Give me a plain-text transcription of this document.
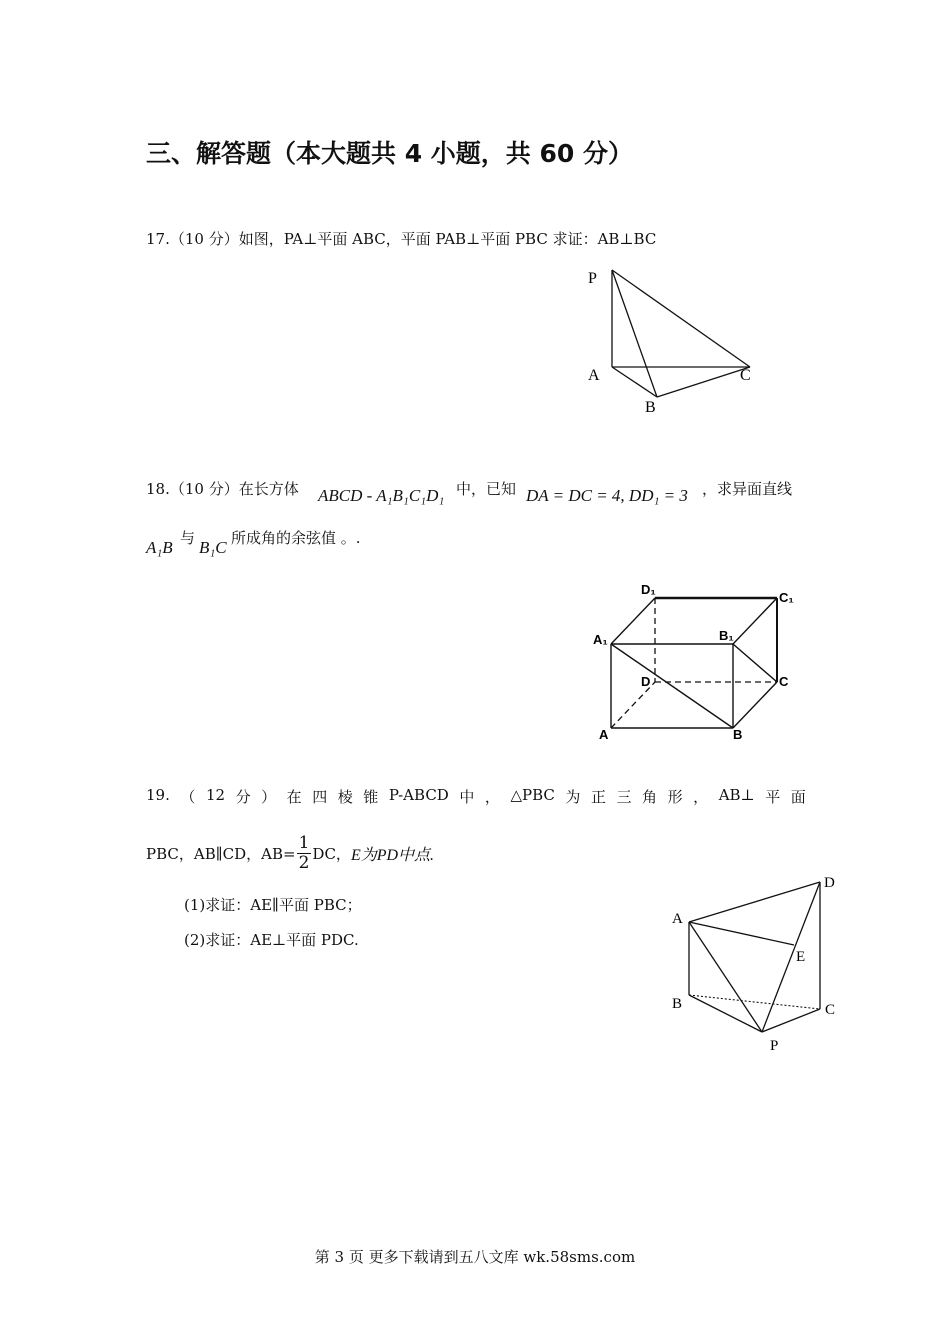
三、解答题（本大题共 4 小题，共 60 分）
17.（10 分）如图，PA⊥平面 ABC，平面 PAB⊥平面 PBC 求证：AB⊥BC
P
A
B
C
18.（10 分）在长方体 ABCD - A₁B₁C₁D₁ 中，已知 DA = DC = 4, DD₁ = 3 ，求异面直线
A₁B 与 B₁C 所成角的余弦值 。.
D₁
C₁
A₁	B₁
D	C
A	B
19. （ 12 分 ） 在 四 棱 锥 P-ABCD 中 ， △PBC 为 正 三 角 形 ， AB⊥ 平 面
PBC，AB∥CD，$AB= \frac{1}{2}$ DC， E为PD中点.
(1)求证：AE∥平面 PBC；
(2)求证：AE⊥平面 PDC.
A
D
E
B	C
P
第 3 页 更多下载请到五八文库 wk.58sms.com
